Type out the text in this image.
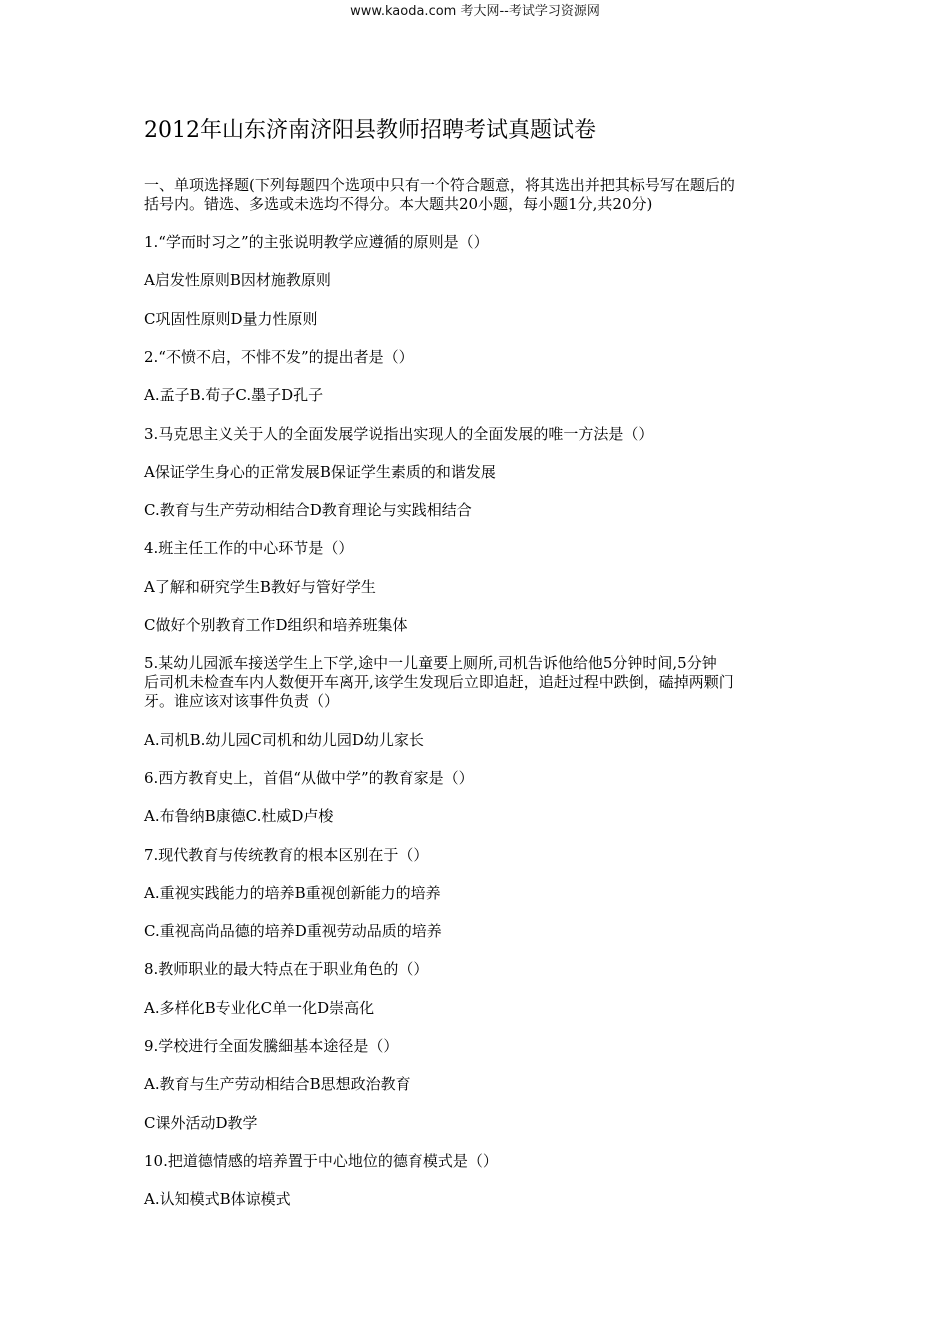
www.kaoda.com 考大网--考试学习资源网
2012年山东济南济阳县教师招聘考试真题试卷
一、单项选择题(下列每题四个选项中只有一个符合题意，将其选出并把其标号写在题后的
括号内。错选、多选或未选均不得分。本大题共20小题，每小题1分,共20分)
1.“学而时习之”的主张说明教学应遵循的原则是（）
A启发性原则B因材施教原则
C巩固性原则D量力性原则
2.“不愤不启，不悱不发”的提出者是（）
A.孟子B.荀子C.墨子D孔子
3.马克思主义关于人的全面发展学说指出实现人的全面发展的唯一方法是（）
A保证学生身心的正常发展B保证学生素质的和谐发展
C.教育与生产劳动相结合D教育理论与实践相结合
4.班主任工作的中心环节是（）
A了解和研究学生B教好与管好学生
C做好个别教育工作D组织和培养班集体
5.某幼儿园派车接送学生上下学,途中一儿童要上厕所,司机告诉他给他5分钟时间,5分钟
后司机未检查车内人数便开车离开,该学生发现后立即追赶，追赶过程中跌倒，磕掉两颗门
牙。谁应该对该事件负责（）
A.司机B.幼儿园C司机和幼儿园D幼儿家长
6.西方教育史上，首倡“从做中学”的教育家是（）
A.布鲁纳B康德C.杜威D卢梭
7.现代教育与传统教育的根本区别在于（）
A.重视实践能力的培养B重视创新能力的培养
C.重视高尚品德的培养D重视劳动品质的培养
8.教师职业的最大特点在于职业角色的（）
A.多样化B专业化C单一化D崇高化
9.学校进行全面发騰細基本途径是（）
A.教育与生产劳动相结合B思想政治教育
C课外活动D教学
10.把道德情感的培养置于中心地位的德育模式是（）
A.认知模式B体谅模式
